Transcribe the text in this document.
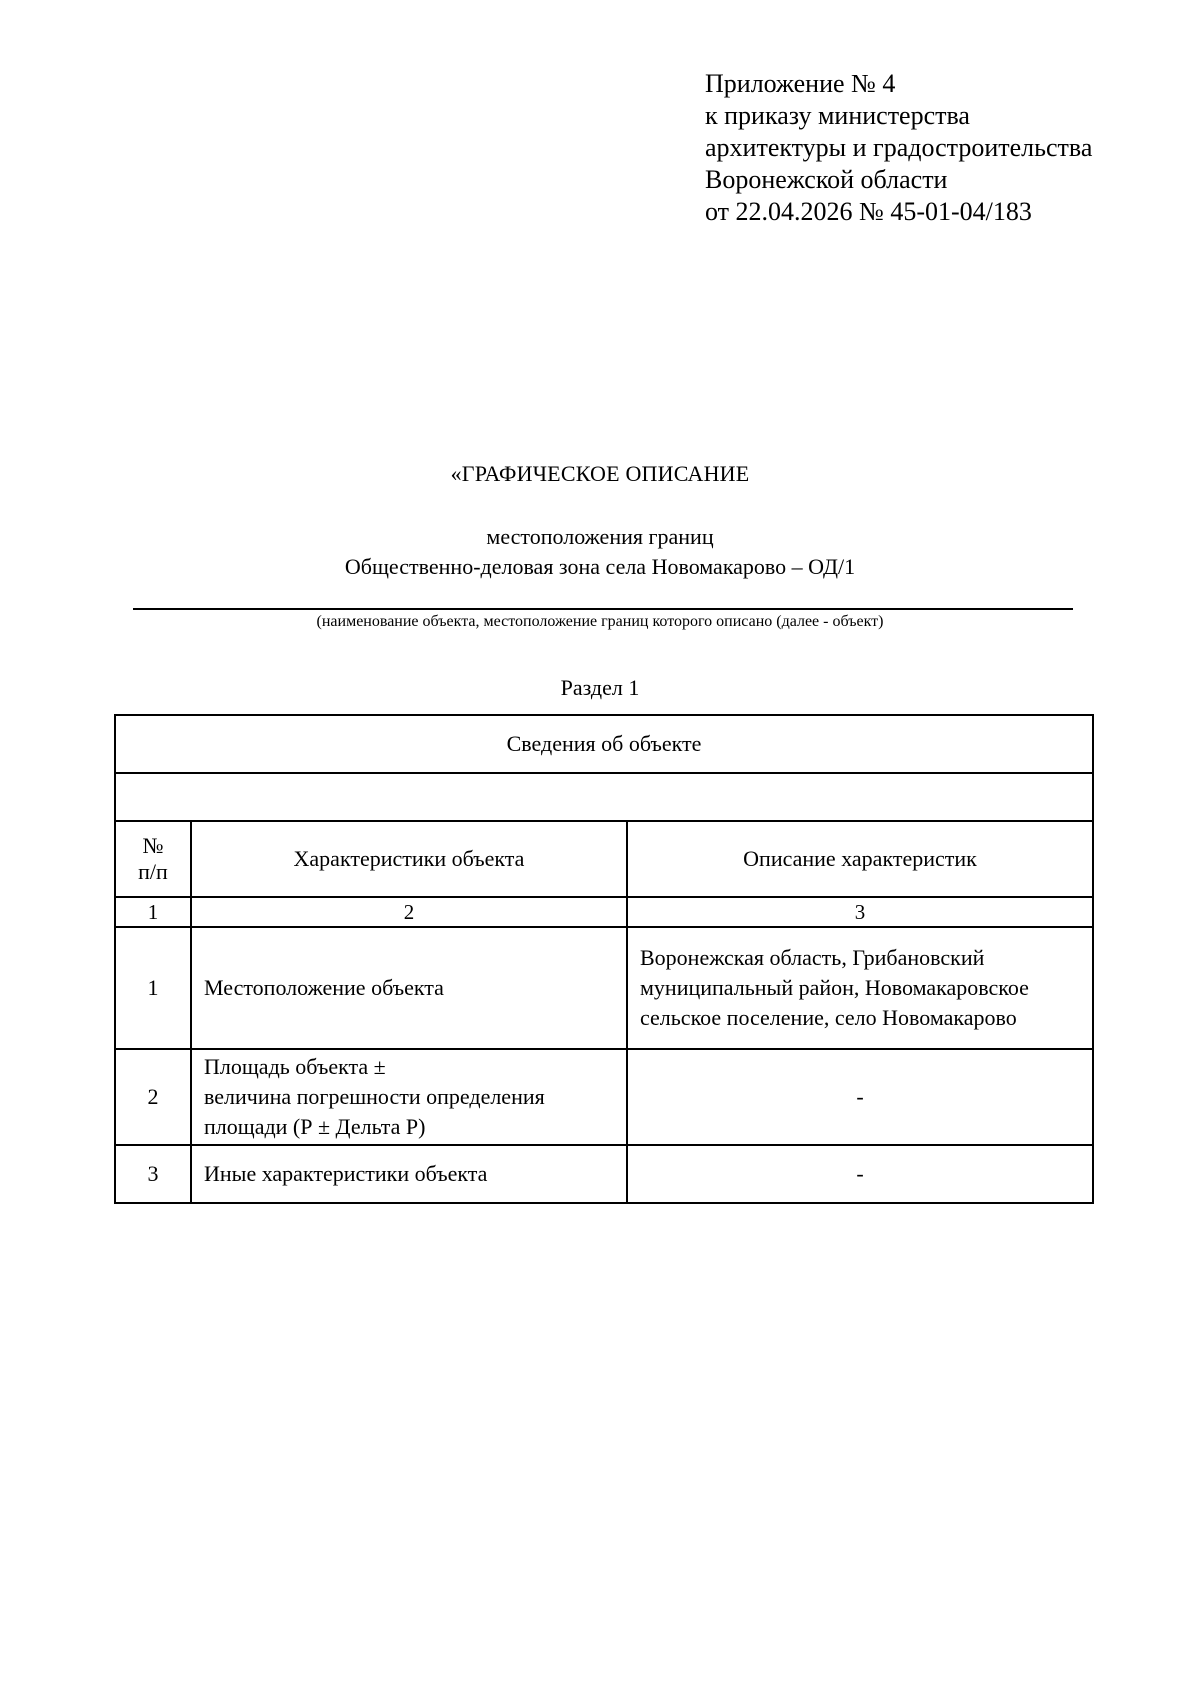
Приложение № 4
к приказу министерства
архитектуры и градостроительства
Воронежской области
от 22.04.2026 № 45-01-04/183
«ГРАФИЧЕСКОЕ ОПИСАНИЕ
местоположения границ
Общественно-деловая зона села Новомакарово – ОД/1
(наименование объекта, местоположение границ которого описано (далее - объект)
Раздел 1
Сведения об объекте		

№
п/п	Характеристики объекта	Описание характеристик
1	2	3
1	Местоположение объекта	Воронежская область, Грибановский
муниципальный район, Новомакаровское
сельское поселение, село Новомакарово

2	Площадь объекта ±
величина погрешности определения
площади (Р ± Дельта Р)	-
3	Иные характеристики объекта	-
